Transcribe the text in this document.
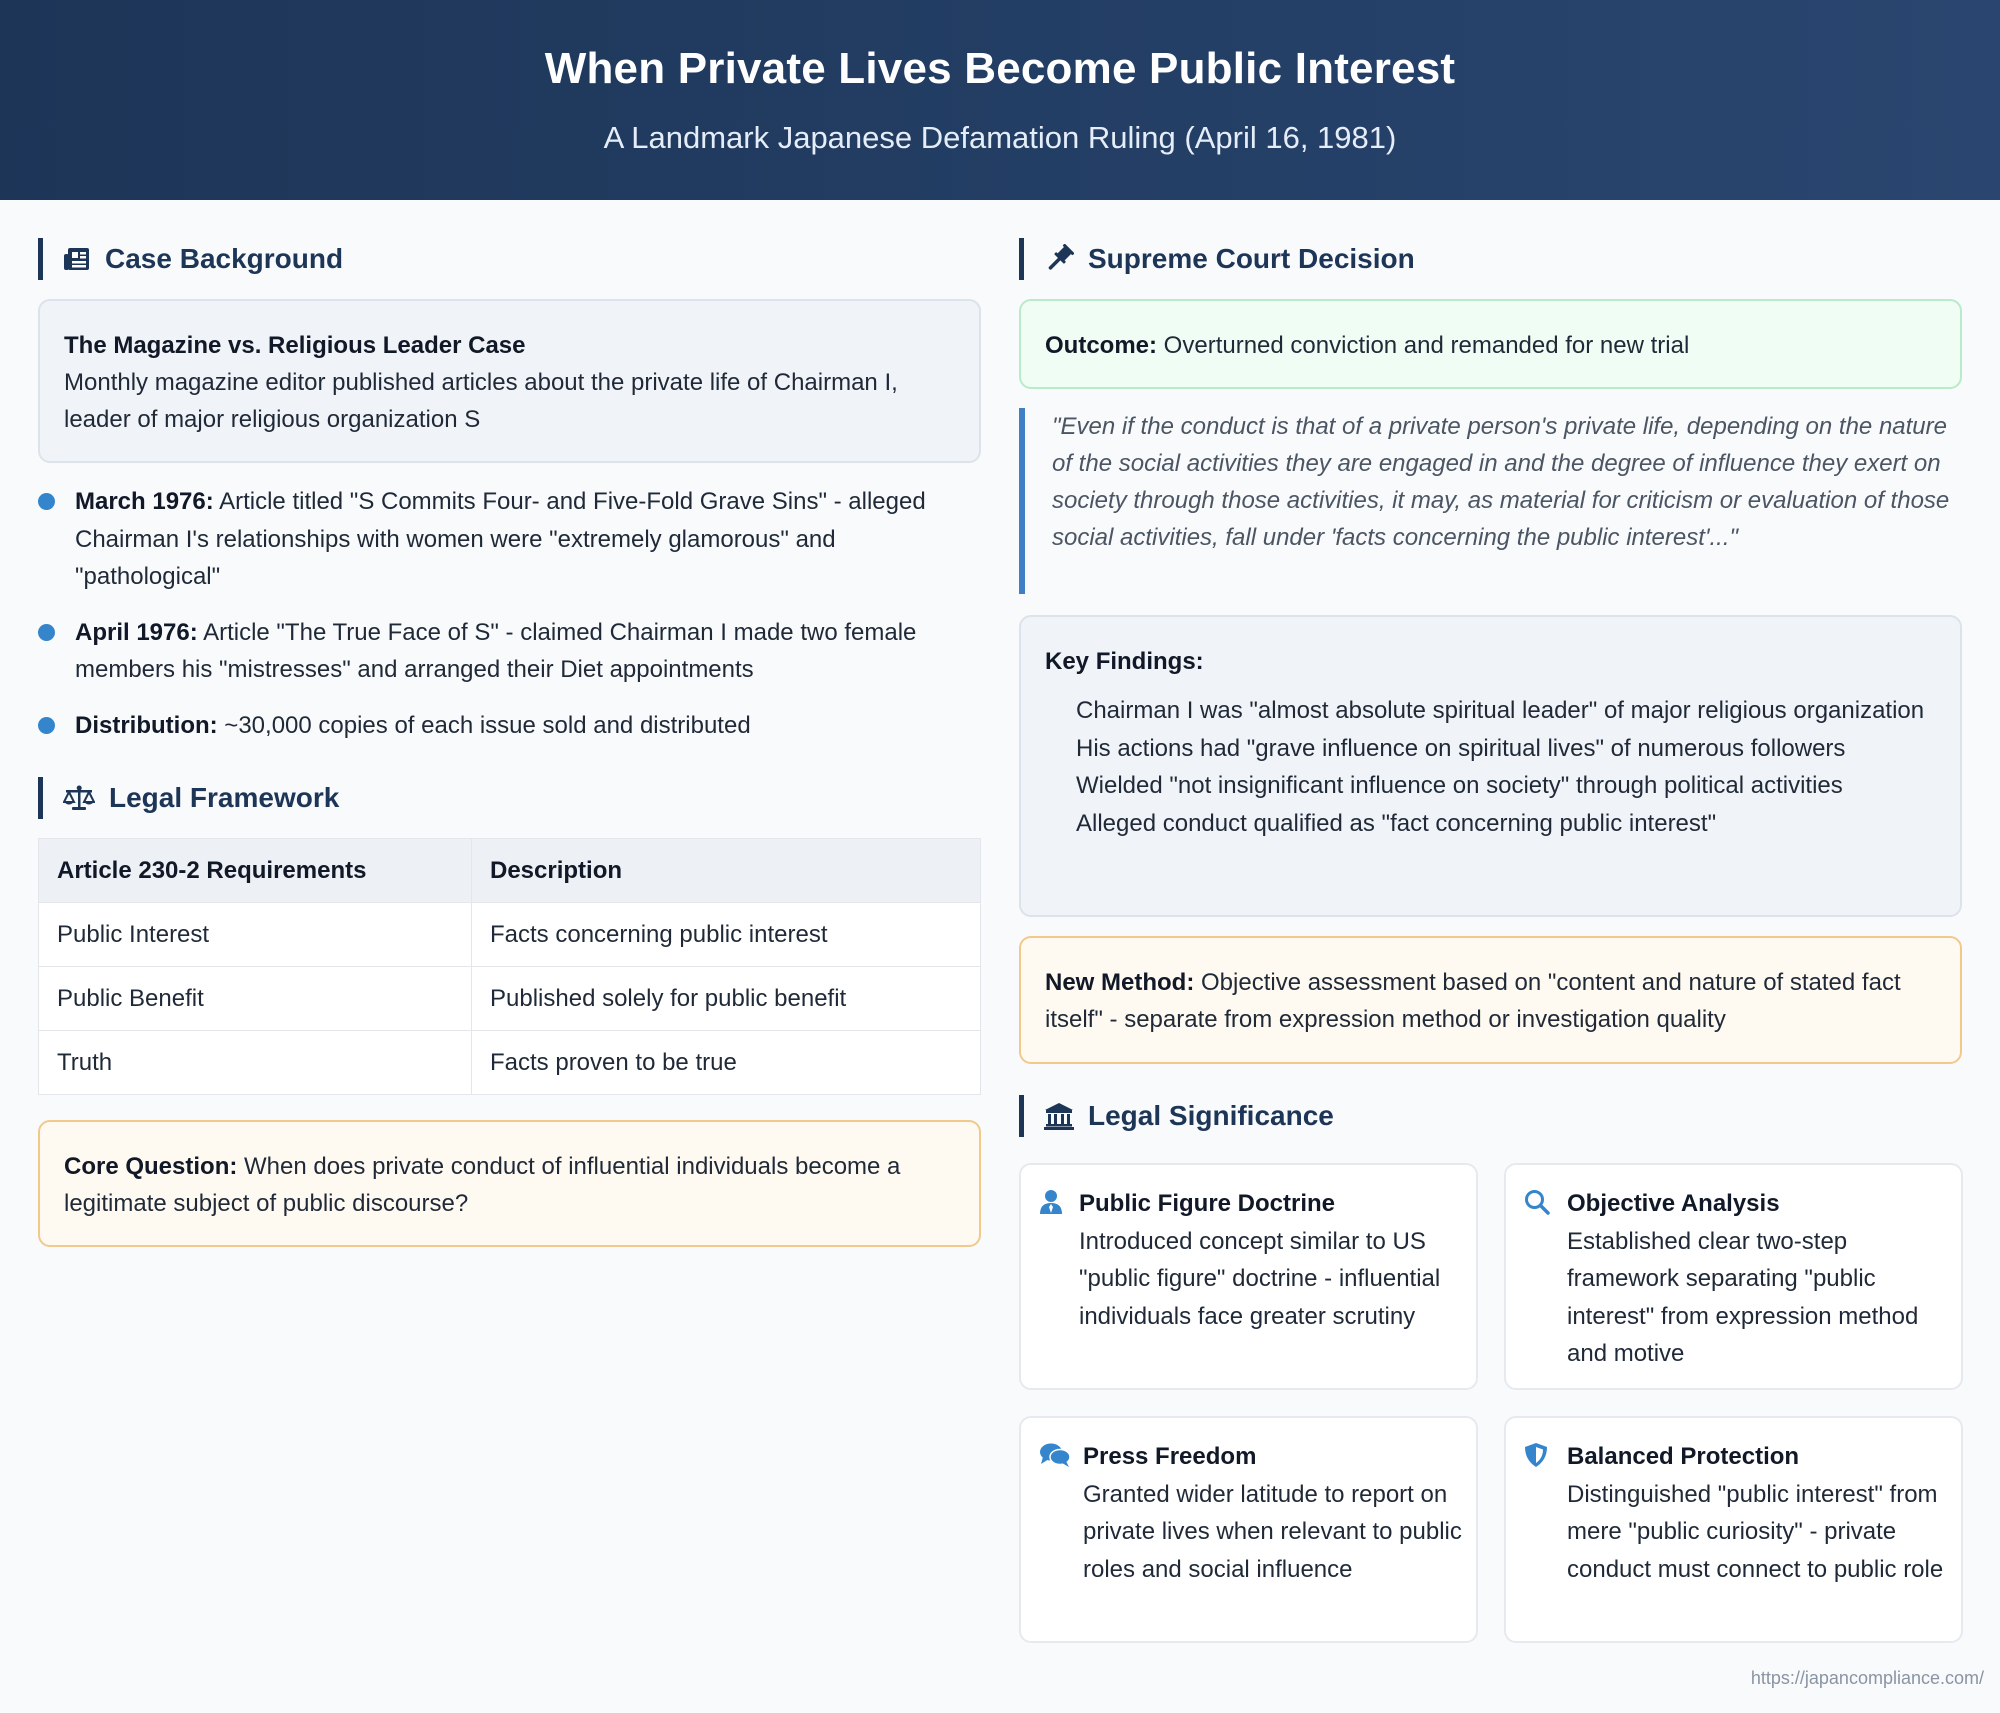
When Private Lives Become Public Interest
A Landmark Japanese Defamation Ruling (April 16, 1981)
Case Background
The Magazine vs. Religious Leader Case
Monthly magazine editor published articles about the private life of Chairman I, leader of major religious organization S
March 1976: Article titled "S Commits Four- and Five-Fold Grave Sins" - alleged Chairman I's relationships with women were "extremely glamorous" and "pathological"
April 1976: Article "The True Face of S" - claimed Chairman I made two female members his "mistresses" and arranged their Diet appointments
Distribution: ~30,000 copies of each issue sold and distributed
Legal Framework
Article 230-2 Requirements	Description
Public Interest	Facts concerning public interest
Public Benefit	Published solely for public benefit
Truth	Facts proven to be true
Core Question: When does private conduct of influential individuals become a legitimate subject of public discourse?
Supreme Court Decision
Outcome: Overturned conviction and remanded for new trial
"Even if the conduct is that of a private person's private life, depending on the nature of the social activities they are engaged in and the degree of influence they exert on society through those activities, it may, as material for criticism or evaluation of those social activities, fall under 'facts concerning the public interest'..."
Key Findings:
Chairman I was "almost absolute spiritual leader" of major religious organization
His actions had "grave influence on spiritual lives" of numerous followers
Wielded "not insignificant influence on society" through political activities
Alleged conduct qualified as "fact concerning public interest"
New Method: Objective assessment based on "content and nature of stated fact itself" - separate from expression method or investigation quality
Legal Significance
Public Figure Doctrine
Introduced concept similar to US "public figure" doctrine - influential individuals face greater scrutiny
Objective Analysis
Established clear two-step framework separating "public interest" from expression method and motive
Press Freedom
Granted wider latitude to report on private lives when relevant to public roles and social influence
Balanced Protection
Distinguished "public interest" from mere "public curiosity" - private conduct must connect to public role
https://japancompliance.com/
